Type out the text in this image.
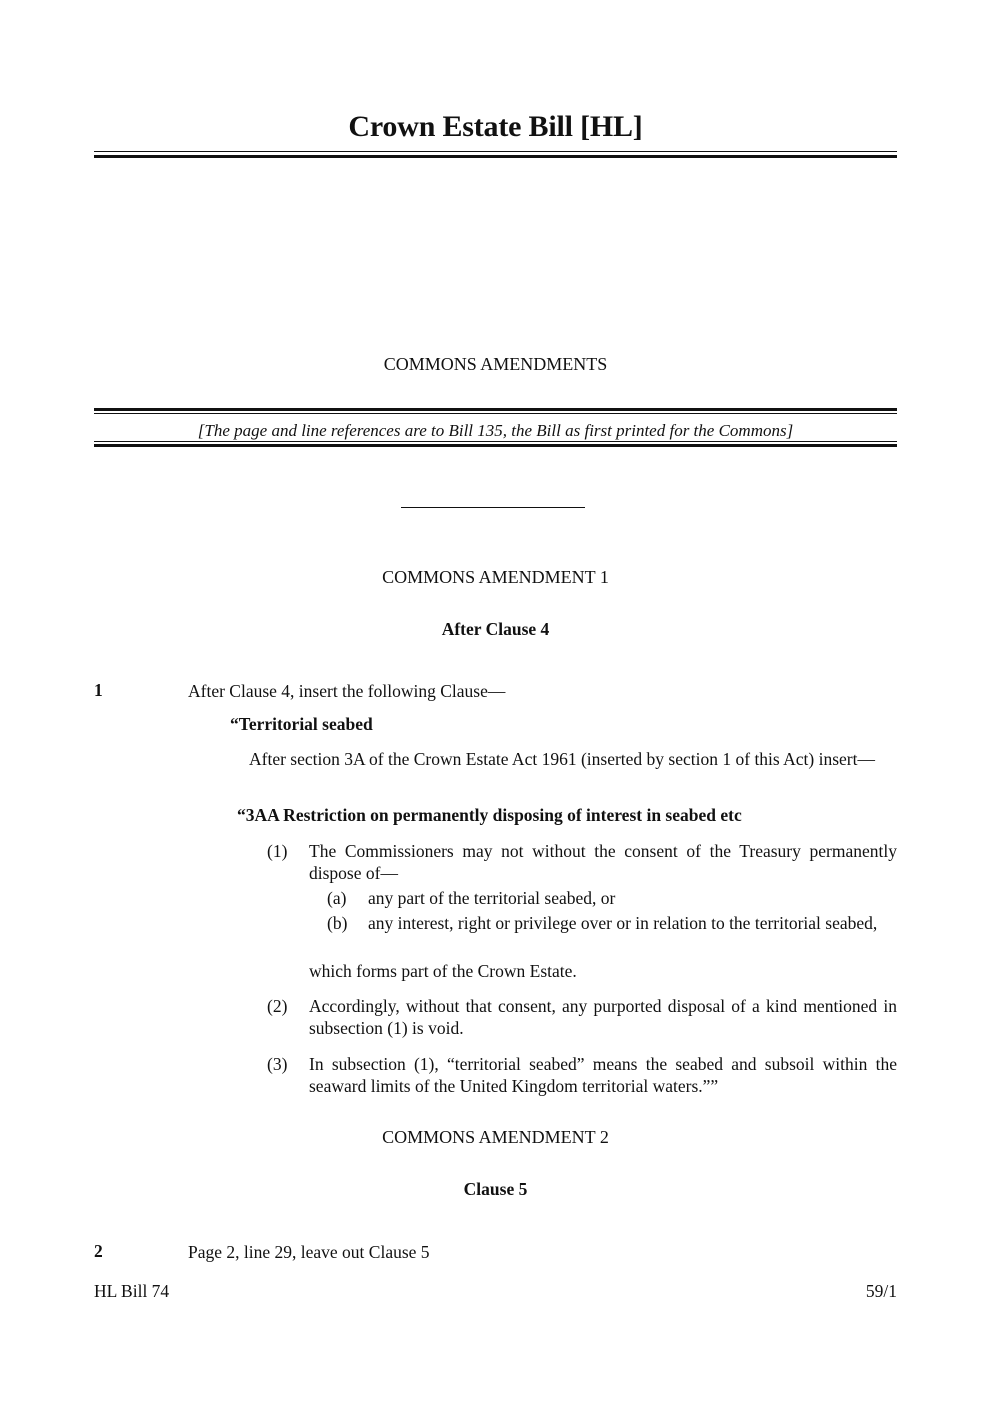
Crown Estate Bill [HL]
COMMONS AMENDMENTS
[The page and line references are to Bill 135, the Bill as first printed for the Commons]
COMMONS AMENDMENT 1
After Clause 4
1	After Clause 4, insert the following Clause—
“Territorial seabed
After section 3A of the Crown Estate Act 1961 (inserted by section 1 of this Act) insert—
“3AA Restriction on permanently disposing of interest in seabed etc
(1) The Commissioners may not without the consent of the Treasury permanently dispose of—
(a) any part of the territorial seabed, or
(b) any interest, right or privilege over or in relation to the territorial seabed,
which forms part of the Crown Estate.
(2) Accordingly, without that consent, any purported disposal of a kind mentioned in subsection (1) is void.
(3) In subsection (1), “territorial seabed” means the seabed and subsoil within the seaward limits of the United Kingdom territorial waters.””
COMMONS AMENDMENT 2
Clause 5
2	Page 2, line 29, leave out Clause 5
HL Bill 74	59/1
